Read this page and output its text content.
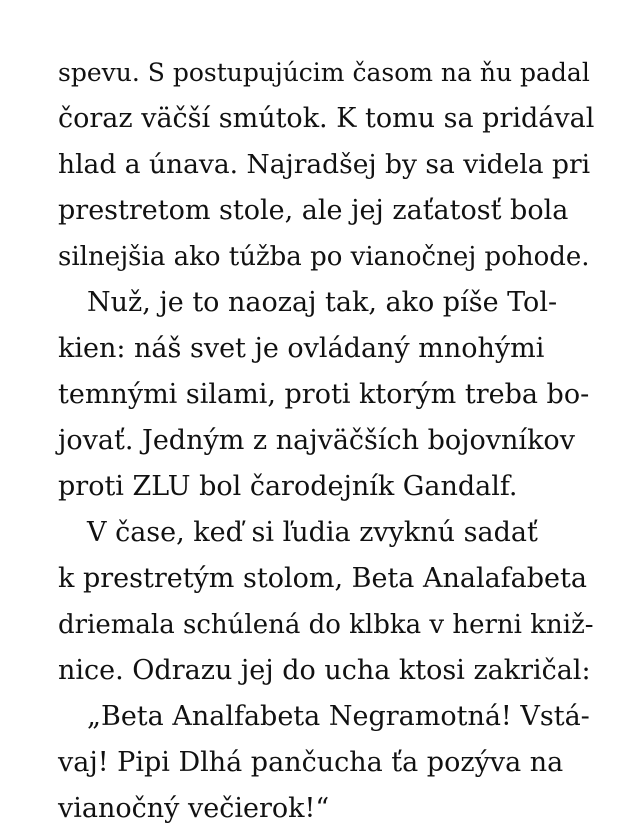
spevu. S postupujúcim časom na ňu padal
čoraz väčší smútok. K tomu sa pridával
hlad a únava. Najradšej by sa videla pri
prestretom stole, ale jej zaťatosť bola
silnejšia ako túžba po vianočnej pohode.
Nuž, je to naozaj tak, ako píše Tol-
kien: náš svet je ovládaný mnohými
temnými silami, proti ktorým treba bo-
jovať. Jedným z najväčších bojovníkov
proti ZLU bol čarodejník Gandalf.
V čase, keď si ľudia zvyknú sadať
k prestretým stolom, Beta Analafabeta
driemala schúlená do klbka v herni kniž-
nice. Odrazu jej do ucha ktosi zakričal:
„Beta Analfabeta Negramotná! Vstá-
vaj! Pipi Dlhá pančucha ťa pozýva na
vianočný večierok!“
